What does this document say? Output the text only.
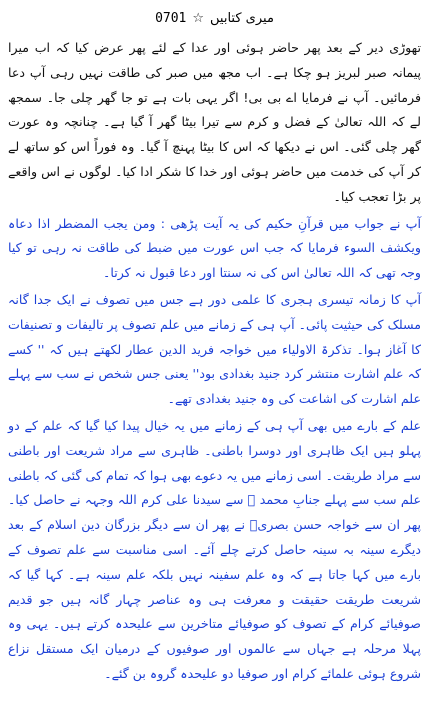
0701 ☆ میری کتابیں

تھوڑی دیر کے بعد پھر حاضر ہوئی اور عدا کے لئے پھر عرض کیا کہ اب میرا پیمانہ صبر لبریز ہو چکا ہے۔ اب مجھ میں صبر کی طاقت نہیں رہی آپ دعا فرمائیں۔ آپ نے فرمایا اے بی بی! اگر یہی بات ہے تو جا گھر چلی جا۔ سمجھ لے کہ اللہ تعالیٰ کے فضل و کرم سے تیرا بیٹا گھر آ گیا ہے۔ چنانچہ وہ عورت گھر چلی گئی۔ اس نے دیکھا کہ اس کا بیٹا پہنچ آ گیا۔ وہ فوراً اس کو ساتھ لے کر آپ کی خدمت میں حاضر ہوئی اور خدا کا شکر ادا کیا۔ لوگوں نے اس واقعے پر بڑا تعجب کیا۔

آپ نے جواب میں قرآنِ حکیم کی یہ آیت پڑھی : ومن یجب المضطر اذا دعاہ ویکشف السوء فرمایا کہ جب اس عورت میں ضبط کی طاقت نہ رہی تو کیا وجہ تھی کہ اللہ تعالیٰ اس کی نہ سنتا اور دعا قبول نہ کرتا۔

آپ کا زمانہ تیسری ہجری کا علمی دور ہے جس میں تصوف نے ایک جدا گانہ مسلک کی حیثیت پائی۔ آپ ہی کے زمانے میں علم تصوف پر تالیفات و تصنیفات کا آغاز ہوا۔ تذکرۃ الاولیاء میں خواجہ فرید الدین عطار لکھتے ہیں کہ '' کسے کہ علم اشارت منتشر کرد جنید بغدادی بود'' یعنی جس شخص نے سب سے پہلے علم اشارت کی اشاعت کی وہ جنید بغدادی تھے۔

علم کے بارے میں بھی آپ ہی کے زمانے میں یہ خیال پیدا کیا گیا کہ علم کے دو پہلو ہیں ایک ظاہری اور دوسرا باطنی۔ ظاہری سے مراد شریعت اور باطنی سے مراد طریقت۔ اسی زمانے میں یہ دعوے بھی ہوا کہ تمام کی گئی کہ باطنی علم سب سے پہلے جنابِ محمد ﷺ سے سیدنا علی کرم اللہ وجہہ نے حاصل کیا۔ پھر ان سے خواجہ حسن بصریؒ نے پھر ان سے دیگر بزرگان دین اسلام کے بعد دیگرے سینہ بہ سینہ حاصل کرتے چلے آئے۔ اسی مناسبت سے علم تصوف کے بارے میں کہا جاتا ہے کہ وہ علم سفینہ نہیں بلکہ علم سینہ ہے۔ کہا گیا کہ شریعت طریقت حقیقت و معرفت ہی وہ عناصر چہار گانہ ہیں جو قدیم صوفیائے کرام کے تصوف کو صوفیائے متاخرین سے علیحدہ کرتے ہیں۔ یہی وہ پہلا مرحلہ ہے جہاں سے عالموں اور صوفیوں کے درمیان ایک مستقل نزاع شروع ہوئی علمائے کرام اور صوفیا دو علیحدہ گروہ بن گئے۔
